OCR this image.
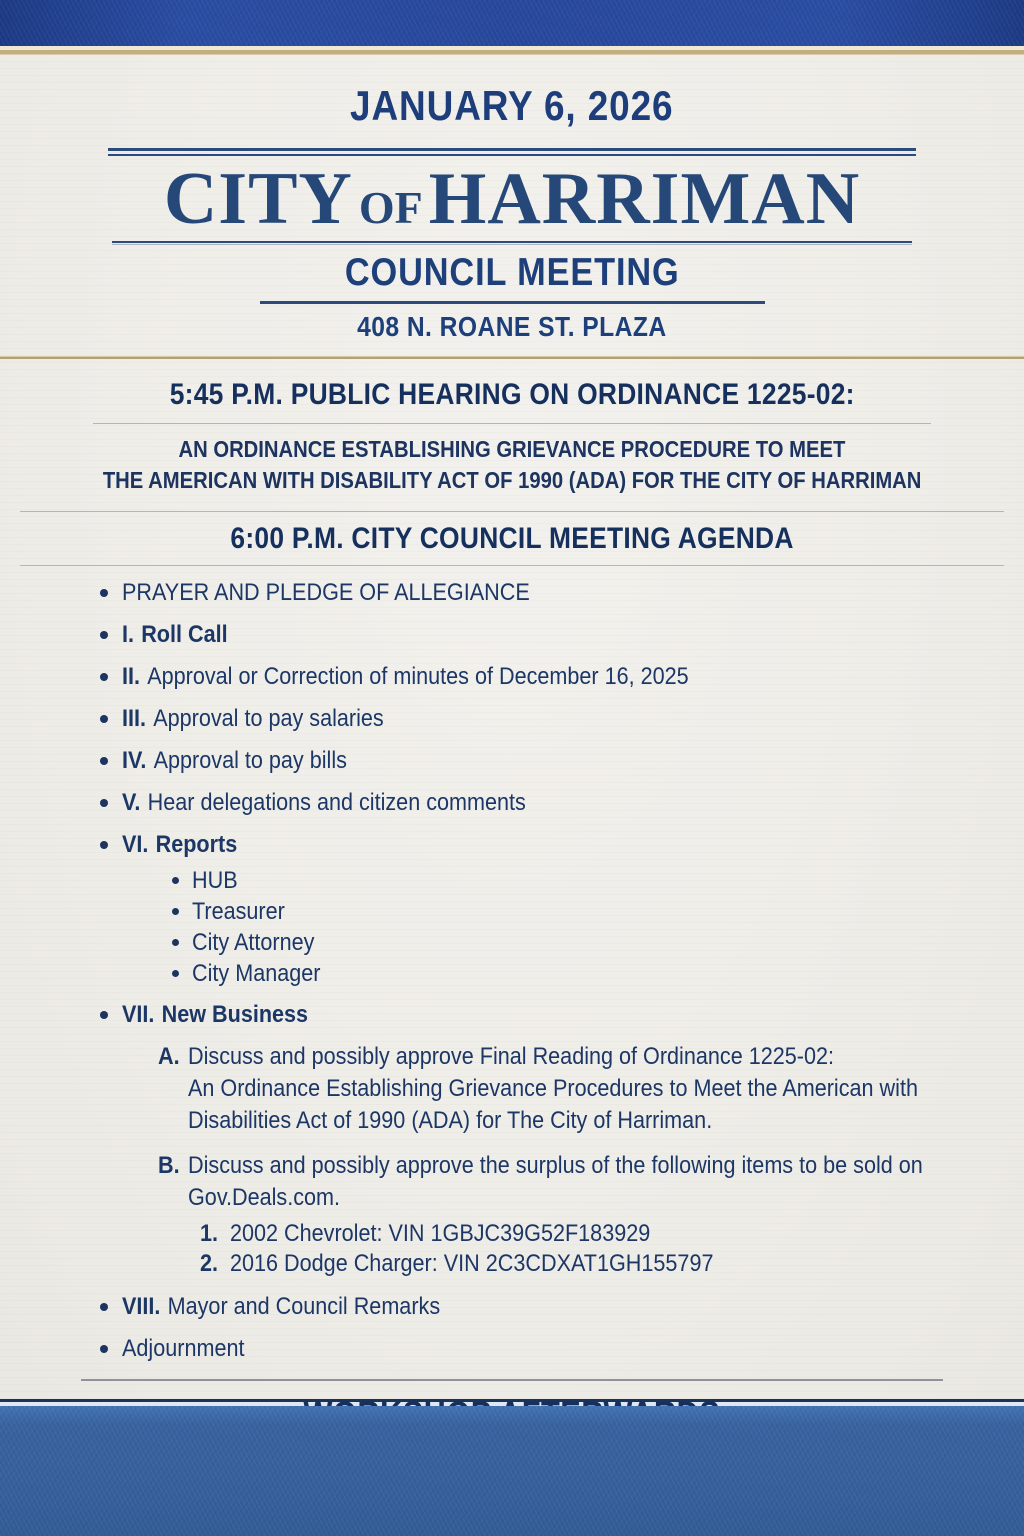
JANUARY 6, 2026
CITY OFHARRIMAN
COUNCIL MEETING
408 N. ROANE ST. PLAZA
5:45 P.M. PUBLIC HEARING ON ORDINANCE 1225-02:

AN ORDINANCE ESTABLISHING GRIEVANCE PROCEDURE TO MEET

THE AMERICAN WITH DISABILITY ACT OF 1990 (ADA) FOR THE CITY OF HARRIMAN

6:00 P.M. CITY COUNCIL MEETING AGENDA
PRAYER AND PLEDGE OF ALLEGIANCE
I. Roll Call
II. Approval or Correction of minutes of December 16, 2025
III. Approval to pay salaries
IV. Approval to pay bills
V. Hear delegations and citizen comments
VI. Reports
HUB
Treasurer
City Attorney
City Manager
VII. New Business
A. Discuss and possibly approve Final Reading of Ordinance 1225-02:
An Ordinance Establishing Grievance Procedures to Meet the American with
Disabilities Act of 1990 (ADA) for The City of Harriman.
B. Discuss and possibly approve the surplus of the following items to be sold on
Gov.Deals.com.
1. 2002 Chevrolet: VIN 1GBJC39G52F183929
2. 2016 Dodge Charger: VIN 2C3CDXAT1GH155797
VIII. Mayor and Council Remarks
Adjournment
